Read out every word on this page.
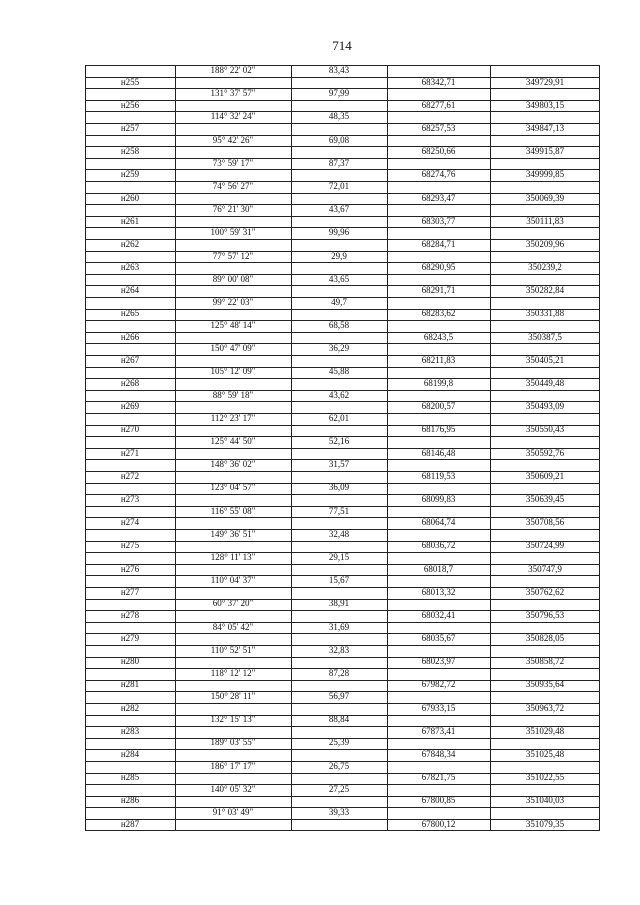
714
188° 22' 02"	83,43
н255	68342,71	349729,91
131° 37' 57"	97,99
н256	68277,61	349803,15
114° 32' 24"	48,35
н257	68257,53	349847,13
95° 42' 26"	69,08
н258	68250,66	349915,87
73° 59' 17"	87,37
н259	68274,76	349999,85
74° 56' 27"	72,01
н260	68293,47	350069,39
76° 21' 30"	43,67
н261	68303,77	350111,83
100° 59' 31"	99,96
н262	68284,71	350209,96
77° 57' 12"	29,9
н263	68290,95	350239,2
89° 00' 08"	43,65
н264	68291,71	350282,84
99° 22' 03"	49,7
н265	68283,62	350331,88
125° 48' 14"	68,58
н266	68243,5	350387,5
150° 47' 09"	36,29
н267	68211,83	350405,21
105° 12' 09"	45,88
н268	68199,8	350449,48
88° 59' 18"	43,62
н269	68200,57	350493,09
112° 23' 17"	62,01
н270	68176,95	350550,43
125° 44' 50"	52,16
н271	68146,48	350592,76
148° 36' 02"	31,57
н272	68119,53	350609,21
123° 04' 57"	36,09
н273	68099,83	350639,45
116° 55' 08"	77,51
н274	68064,74	350708,56
149° 36' 51"	32,48
н275	68036,72	350724,99
128° 11' 13"	29,15
н276	68018,7	350747,9
110° 04' 37"	15,67
н277	68013,32	350762,62
60° 37' 20"	38,91
н278	68032,41	350796,53
84° 05' 42"	31,69
н279	68035,67	350828,05
110° 52' 51"	32,83
н280	68023,97	350858,72
118° 12' 12"	87,28
н281	67982,72	350935,64
150° 28' 11"	56,97
н282	67933,15	350963,72
132° 15' 13"	88,84
н283	67873,41	351029,48
189° 03' 55"	25,39
н284	67848,34	351025,48
186° 17' 17"	26,75
н285	67821,75	351022,55
140° 05' 32"	27,25
н286	67800,85	351040,03
91° 03' 49"	39,33
н287	67800,12	351079,35
